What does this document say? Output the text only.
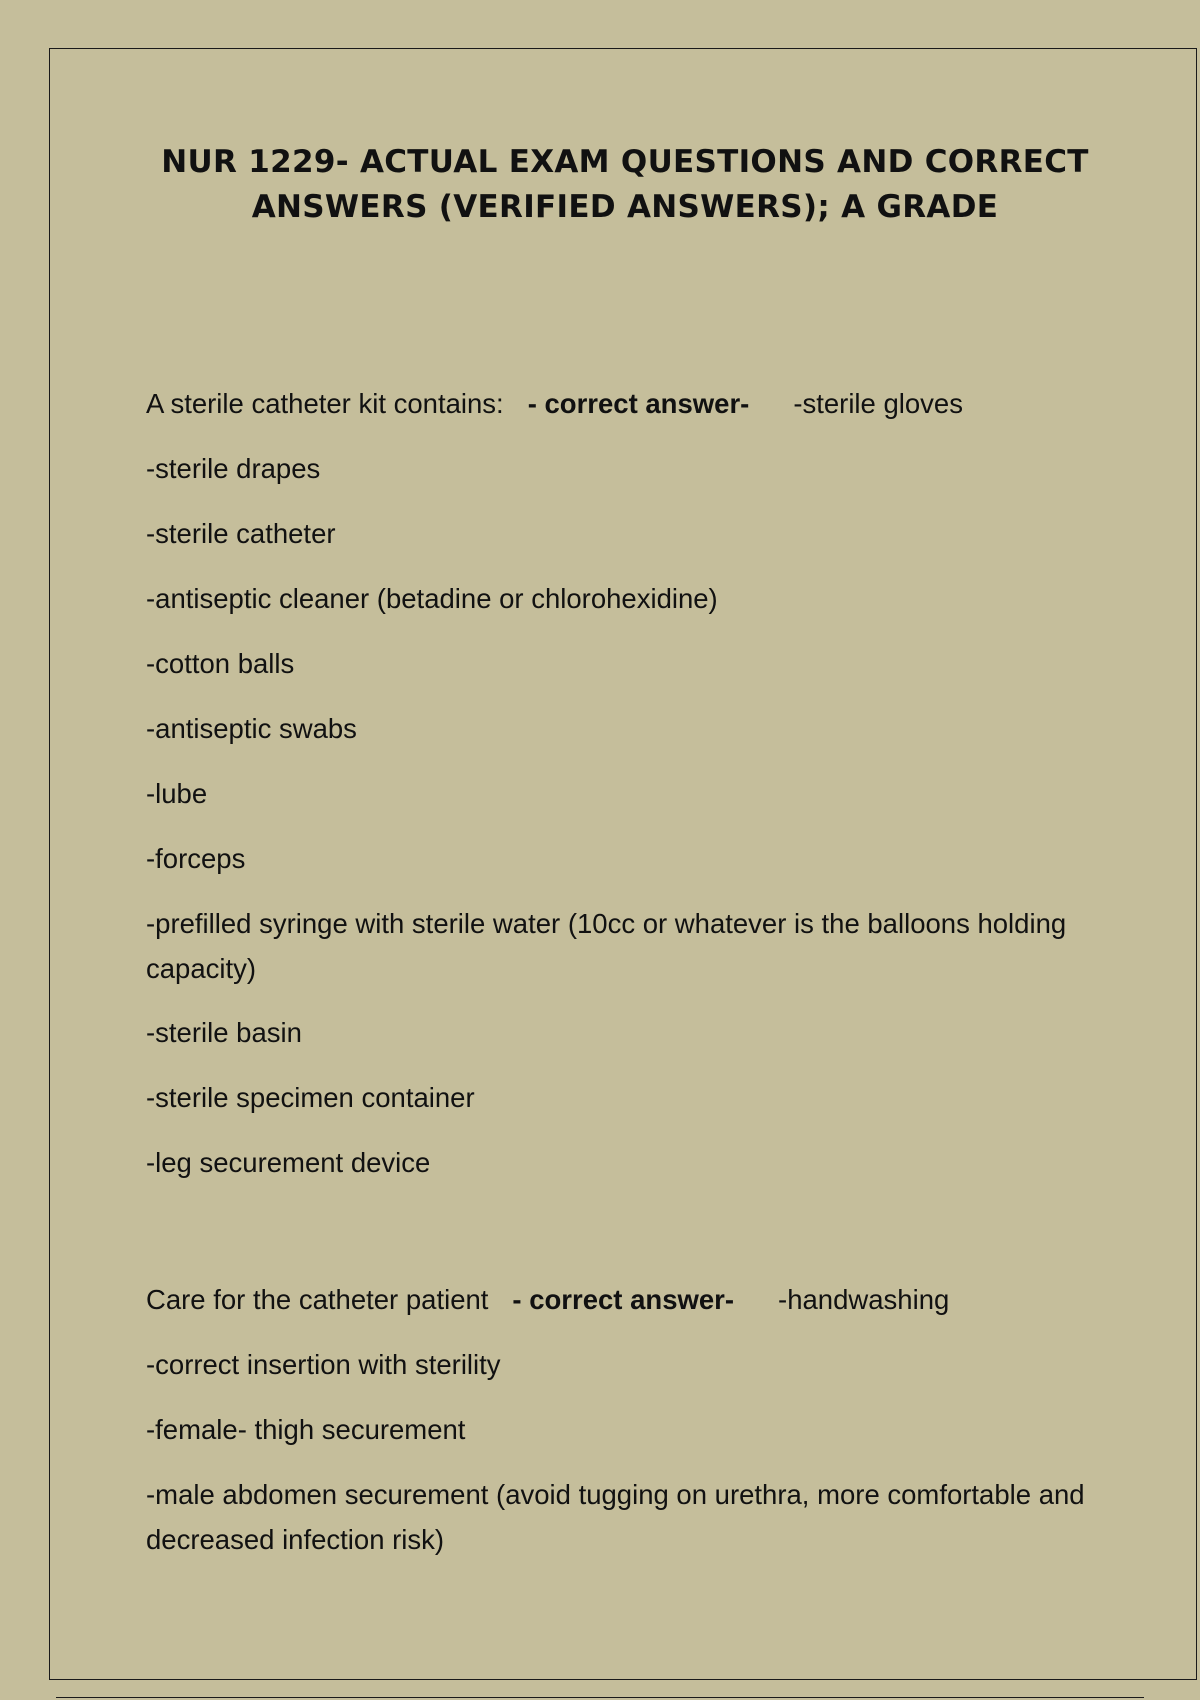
NUR 1229- ACTUAL EXAM QUESTIONS AND CORRECT
ANSWERS (VERIFIED ANSWERS); A GRADE

A sterile catheter kit contains: - correct answer- -sterile gloves

-sterile drapes

-sterile catheter

-antiseptic cleaner (betadine or chlorohexidine)

-cotton balls

-antiseptic swabs

-lube

-forceps

-prefilled syringe with sterile water (10cc or whatever is the balloons holding capacity)

-sterile basin

-sterile specimen container

-leg securement device

Care for the catheter patient - correct answer- -handwashing

-correct insertion with sterility

-female- thigh securement

-male abdomen securement (avoid tugging on urethra, more comfortable and decreased infection risk)
